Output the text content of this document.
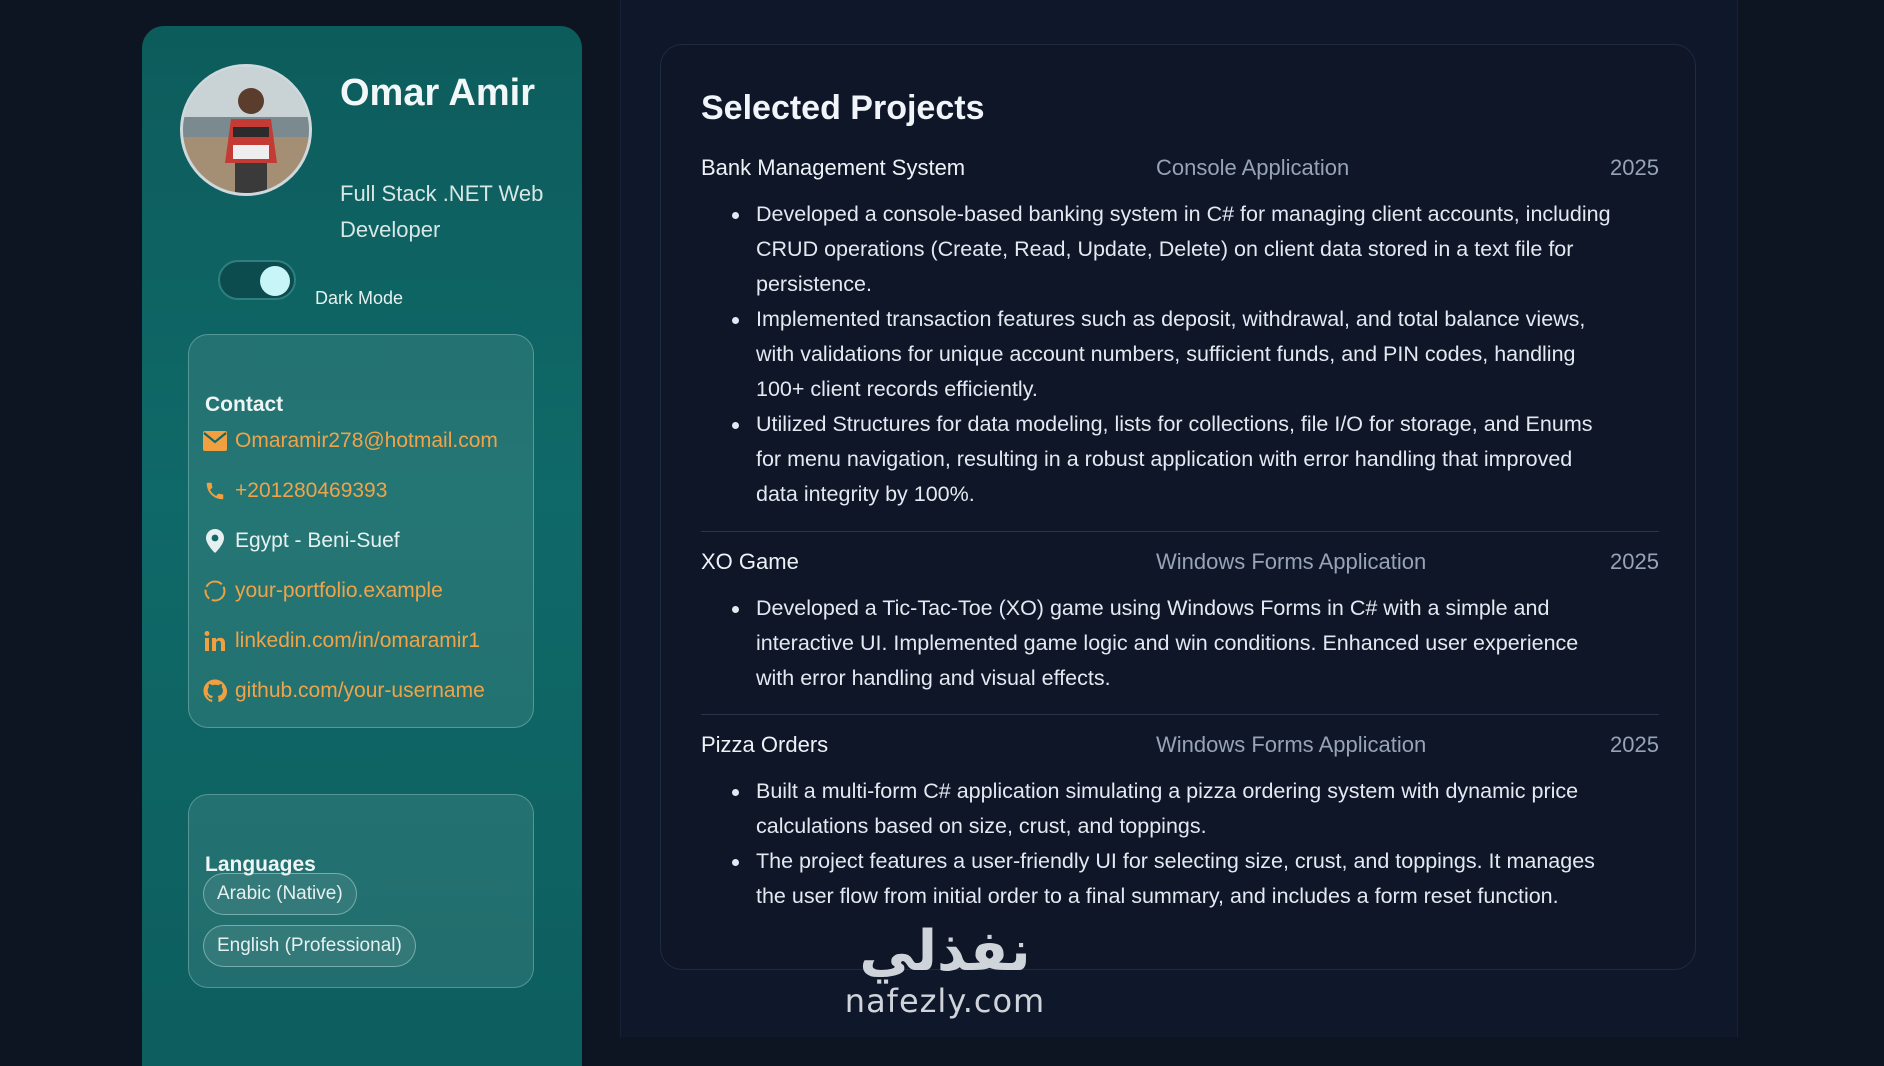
Omar Amir
Full Stack .NET Web Developer
Dark Mode
Contact
Omaramir278@hotmail.com
+201280469393
Egypt - Beni-Suef
your-portfolio.example
linkedin.com/in/omaramir1
github.com/your-username
Languages
Arabic (Native)
English (Professional)
Selected Projects
Bank Management System	Console Application	2025
Developed a console-based banking system in C# for managing client accounts, including CRUD operations (Create, Read, Update, Delete) on client data stored in a text file for persistence.
Implemented transaction features such as deposit, withdrawal, and total balance views, with validations for unique account numbers, sufficient funds, and PIN codes, handling 100+ client records efficiently.
Utilized Structures for data modeling, lists for collections, file I/O for storage, and Enums for menu navigation, resulting in a robust application with error handling that improved data integrity by 100%.
XO Game	Windows Forms Application	2025
Developed a Tic-Tac-Toe (XO) game using Windows Forms in C# with a simple and interactive UI. Implemented game logic and win conditions. Enhanced user experience with error handling and visual effects.
Pizza Orders	Windows Forms Application	2025
Built a multi-form C# application simulating a pizza ordering system with dynamic price calculations based on size, crust, and toppings.
The project features a user-friendly UI for selecting size, crust, and toppings. It manages the user flow from initial order to a final summary, and includes a form reset function.
نفذلي
nafezly.com
